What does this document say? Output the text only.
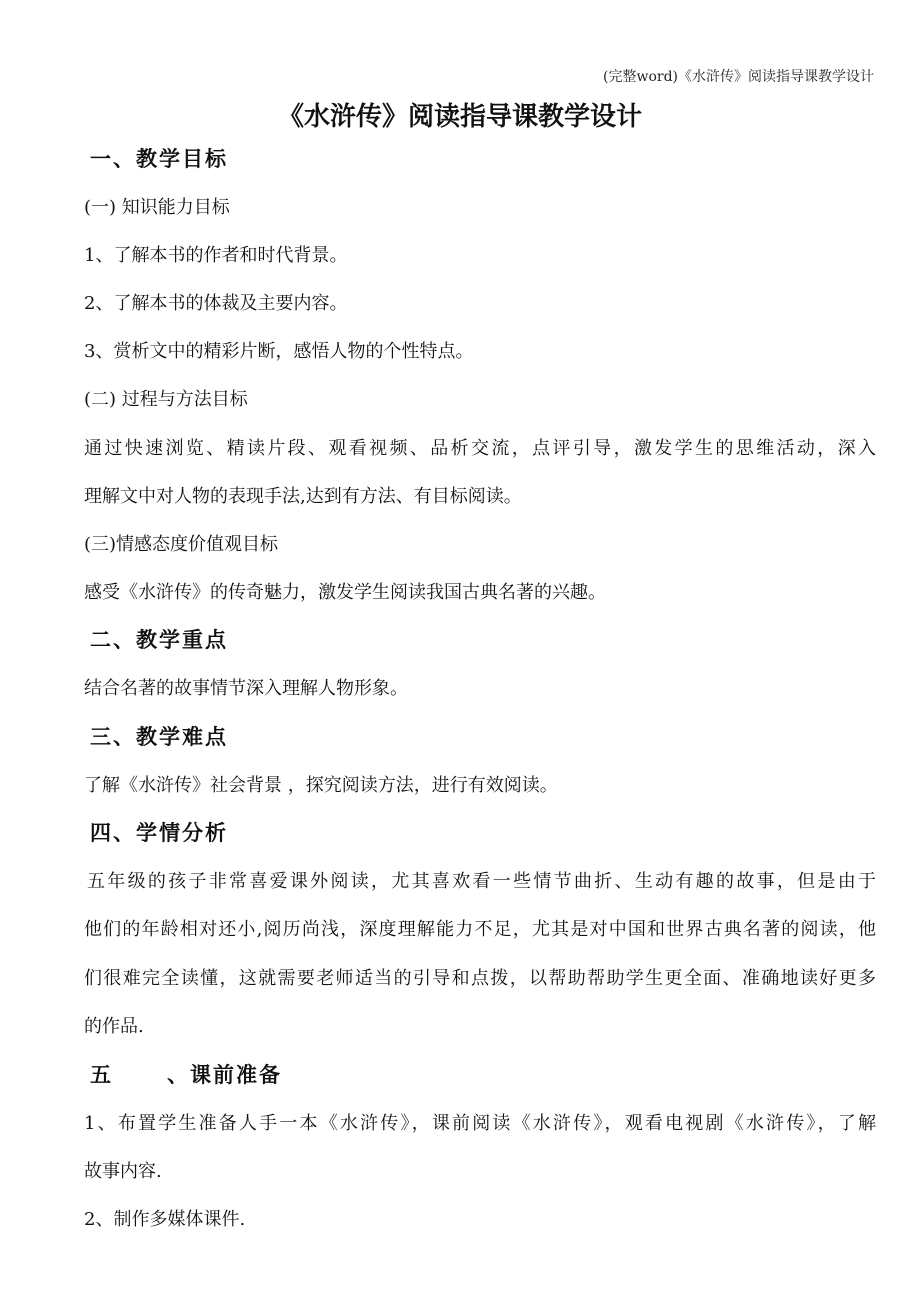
(完整word)《水浒传》阅读指导课教学设计
《水浒传》阅读指导课教学设计
一、教学目标
(一) 知识能力目标
1、了解本书的作者和时代背景。
2、了解本书的体裁及主要内容。
3、赏析文中的精彩片断，感悟人物的个性特点。
(二) 过程与方法目标
通过快速浏览、精读片段、观看视频、品析交流，点评引导，激发学生的思维活动，深入
理解文中对人物的表现手法,达到有方法、有目标阅读。
(三)情感态度价值观目标
感受《水浒传》的传奇魅力，激发学生阅读我国古典名著的兴趣。
二、教学重点
结合名著的故事情节深入理解人物形象。
三、教学难点
了解《水浒传》社会背景 ，探究阅读方法，进行有效阅读。
四、学情分析
五年级的孩子非常喜爱课外阅读，尤其喜欢看一些情节曲折、生动有趣的故事，但是由于
他们的年龄相对还小,阅历尚浅，深度理解能力不足，尤其是对中国和世界古典名著的阅读，他
们很难完全读懂，这就需要老师适当的引导和点拨，以帮助帮助学生更全面、准确地读好更多
的作品.
五	、课前准备
1、布置学生准备人手一本《水浒传》，课前阅读《水浒传》，观看电视剧《水浒传》，了解
故事内容.
2、制作多媒体课件.
